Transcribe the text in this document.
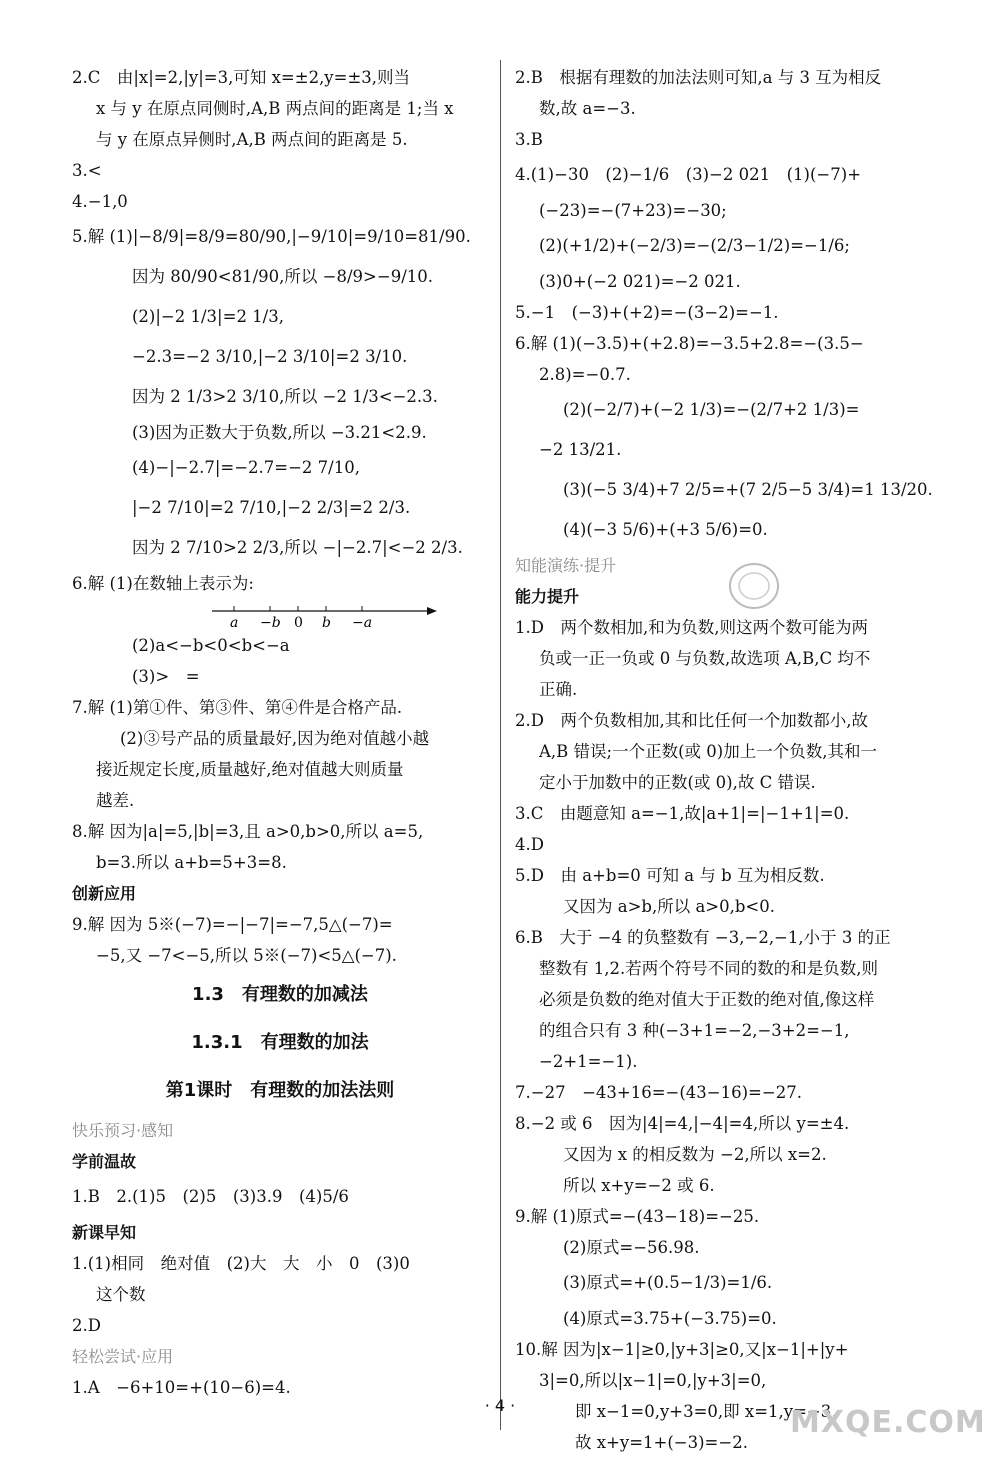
2.C　由|x|=2,|y|=3,可知 x=±2,y=±3,则当
x 与 y 在原点同侧时,A,B 两点间的距离是 1;当 x
与 y 在原点异侧时,A,B 两点间的距离是 5.
3.<
4.−1,0
5.解 (1)|−8/9|=8/9=80/90,|−9/10|=9/10=81/90.
因为 80/90<81/90,所以 −8/9>−9/10.
(2)|−2 1/3|=2 1/3,
−2.3=−2 3/10,|−2 3/10|=2 3/10.
因为 2 1/3>2 3/10,所以 −2 1/3<−2.3.
(3)因为正数大于负数,所以 −3.21<2.9.
(4)−|−2.7|=−2.7=−2 7/10,
|−2 7/10|=2 7/10,|−2 2/3|=2 2/3.
因为 2 7/10>2 2/3,所以 −|−2.7|<−2 2/3.
6.解 (1)在数轴上表示为:
a −b 0 b −a
(2)a<−b<0<b<−a
(3)>　=
7.解 (1)第①件、第③件、第④件是合格产品.
(2)③号产品的质量最好,因为绝对值越小越
接近规定长度,质量越好,绝对值越大则质量
越差.
8.解 因为|a|=5,|b|=3,且 a>0,b>0,所以 a=5,
b=3.所以 a+b=5+3=8.
创新应用
9.解 因为 5※(−7)=−|−7|=−7,5△(−7)=
−5,又 −7<−5,所以 5※(−7)<5△(−7).
1.3　有理数的加减法
1.3.1　有理数的加法
第1课时　有理数的加法法则
快乐预习·感知
学前温故
1.B　2.(1)5　(2)5　(3)3.9　(4)5/6
新课早知
1.(1)相同　绝对值　(2)大　大　小　0　(3)0
这个数
2.D
轻松尝试·应用
1.A　−6+10=+(10−6)=4.
2.B　根据有理数的加法法则可知,a 与 3 互为相反
数,故 a=−3.
3.B
4.(1)−30　(2)−1/6　(3)−2 021　(1)(−7)+
(−23)=−(7+23)=−30;
(2)(+1/2)+(−2/3)=−(2/3−1/2)=−1/6;
(3)0+(−2 021)=−2 021.
5.−1　(−3)+(+2)=−(3−2)=−1.
6.解 (1)(−3.5)+(+2.8)=−3.5+2.8=−(3.5−
2.8)=−0.7.
(2)(−2/7)+(−2 1/3)=−(2/7+2 1/3)=
−2 13/21.
(3)(−5 3/4)+7 2/5=+(7 2/5−5 3/4)=1 13/20.
(4)(−3 5/6)+(+3 5/6)=0.
知能演练·提升
能力提升
1.D　两个数相加,和为负数,则这两个数可能为两
负或一正一负或 0 与负数,故选项 A,B,C 均不
正确.
2.D　两个负数相加,其和比任何一个加数都小,故
A,B 错误;一个正数(或 0)加上一个负数,其和一
定小于加数中的正数(或 0),故 C 错误.
3.C　由题意知 a=−1,故|a+1|=|−1+1|=0.
4.D
5.D　由 a+b=0 可知 a 与 b 互为相反数.
又因为 a>b,所以 a>0,b<0.
6.B　大于 −4 的负整数有 −3,−2,−1,小于 3 的正
整数有 1,2.若两个符号不同的数的和是负数,则
必须是负数的绝对值大于正数的绝对值,像这样
的组合只有 3 种(−3+1=−2,−3+2=−1,
−2+1=−1).
7.−27　−43+16=−(43−16)=−27.
8.−2 或 6　因为|4|=4,|−4|=4,所以 y=±4.
又因为 x 的相反数为 −2,所以 x=2.
所以 x+y=−2 或 6.
9.解 (1)原式=−(43−18)=−25.
(2)原式=−56.98.
(3)原式=+(0.5−1/3)=1/6.
(4)原式=3.75+(−3.75)=0.
10.解 因为|x−1|≥0,|y+3|≥0,又|x−1|+|y+
3|=0,所以|x−1|=0,|y+3|=0,
即 x−1=0,y+3=0,即 x=1,y=−3,
故 x+y=1+(−3)=−2.
· 4 ·	MXQE.COM
